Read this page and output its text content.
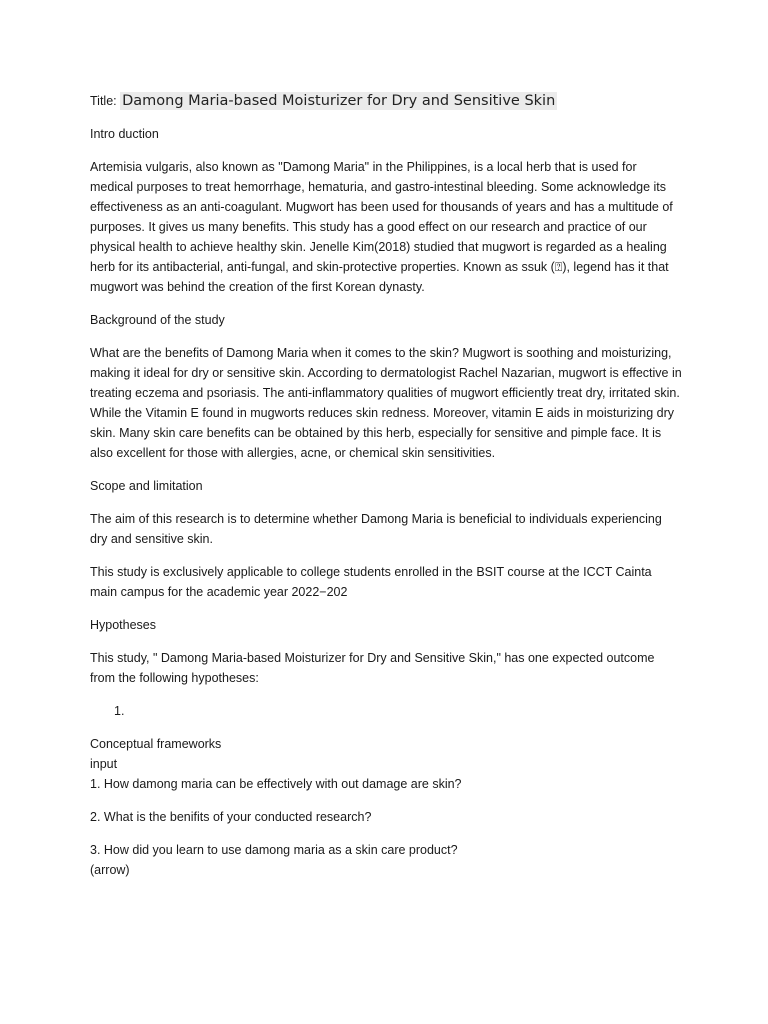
Title: Damong Maria-based Moisturizer for Dry and Sensitive Skin
Intro duction

Artemisia vulgaris, also known as "Damong Maria" in the Philippines, is a local herb that is used for medical purposes to treat hemorrhage, hematuria, and gastro-intestinal bleeding. Some acknowledge its effectiveness as an anti-coagulant. Mugwort has been used for thousands of years and has a multitude of purposes. It gives us many benefits. This study has a good effect on our research and practice of our physical health to achieve healthy skin. Jenelle Kim(2018) studied that mugwort is regarded as a healing herb for its antibacterial, anti-fungal, and skin-protective properties. Known as ssuk (⍰), legend has it that mugwort was behind the creation of the first Korean dynasty.

Background of the study

What are the benefits of Damong Maria when it comes to the skin? Mugwort is soothing and moisturizing, making it ideal for dry or sensitive skin. According to dermatologist Rachel Nazarian, mugwort is effective in treating eczema and psoriasis. The anti-inflammatory qualities of mugwort efficiently treat dry, irritated skin. While the Vitamin E found in mugworts reduces skin redness. Moreover, vitamin E aids in moisturizing dry skin. Many skin care benefits can be obtained by this herb, especially for sensitive and pimple face. It is also excellent for those with allergies, acne, or chemical skin sensitivities.

Scope and limitation

The aim of this research is to determine whether Damong Maria is beneficial to individuals experiencing dry and sensitive skin.

This study is exclusively applicable to college students enrolled in the BSIT course at the ICCT Cainta main campus for the academic year 2022−202

Hypotheses

This study, " Damong Maria-based Moisturizer for Dry and Sensitive Skin," has one expected outcome from the following hypotheses:

1.
Conceptual frameworks
input
1. How damong maria can be effectively with out damage are skin?
2. What is the benifits of your conducted research?
3. How did you learn to use damong maria as a skin care product?
(arrow)
